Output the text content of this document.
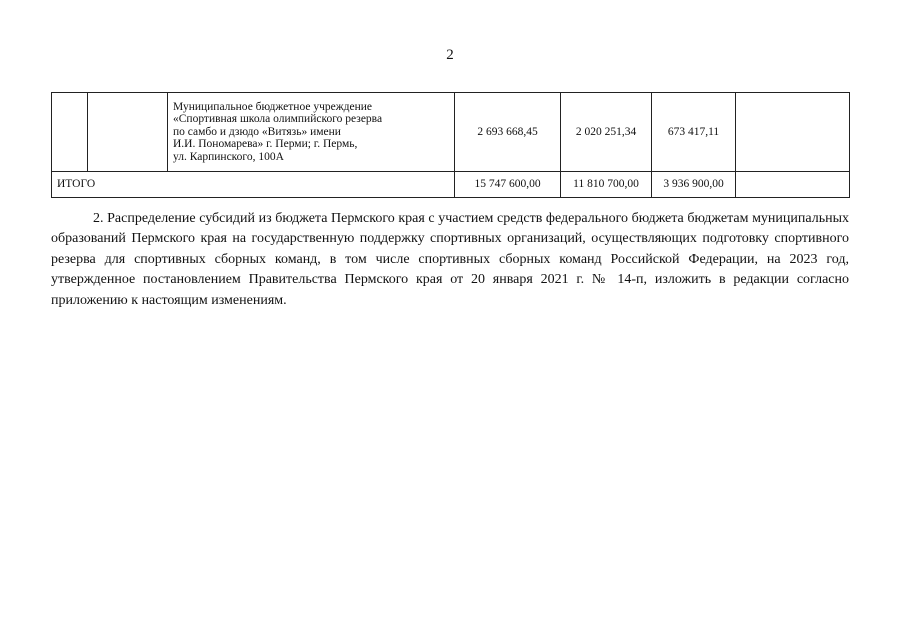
2

		Муниципальное бюджетное учреждение
«Спортивная школа олимпийского резерва
по самбо и дзюдо «Витязь» имени
И.И. Пономарева» г. Перми; г. Пермь,
ул. Карпинского, 100А	2 693 668,45	2 020 251,34	673 417,11	
ИТОГО			15 747 600,00	11 810 700,00	3 936 900,00	
2. Распределение субсидий из бюджета Пермского края с участием средств федерального бюджета бюджетам муниципальных образований Пермского края на государственную поддержку спортивных организаций, осуществляющих подготовку спортивного резерва для спортивных сборных команд, в том числе спортивных сборных команд Российской Федерации, на 2023 год, утвержденное постановлением Правительства Пермского края от 20 января 2021 г. № 14-п, изложить в редакции согласно приложению к настоящим изменениям.
